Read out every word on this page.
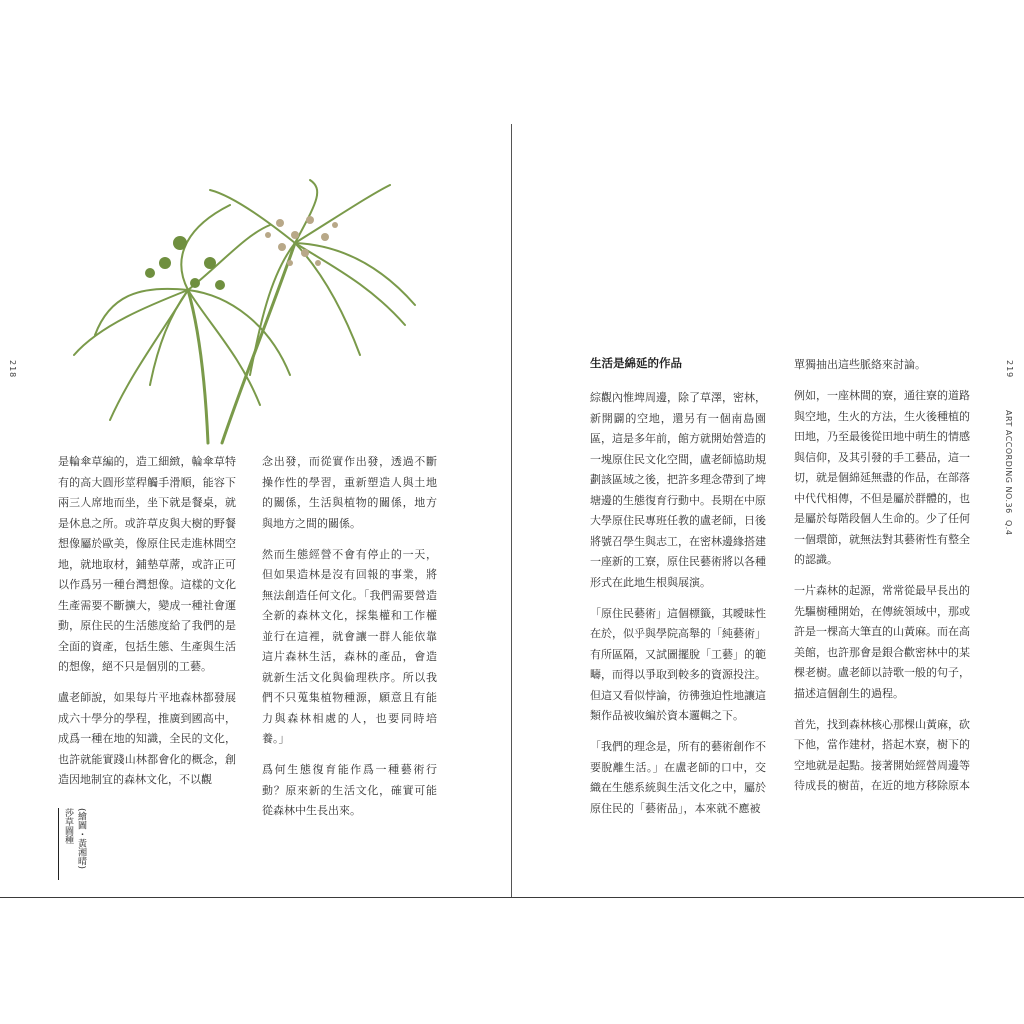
218

是輪傘草編的，造工細緻，輪傘草特有的高大圓形莖稈觸手滑順，能容下兩三人席地而坐，坐下就是餐桌，就是休息之所。或許草皮與大樹的野餐想像屬於歐美，像原住民走進林間空地，就地取材，鋪墊草蓆，或許正可以作爲另一種台灣想像。這樣的文化生產需要不斷擴大，變成一種社會運動，原住民的生活態度給了我們的是全面的資產，包括生態、生產與生活的想像，絕不只是個別的工藝。

盧老師說，如果每片平地森林都發展成六十學分的學程，推廣到國高中，成爲一種在地的知識，全民的文化，也許就能實踐山林都會化的概念，創造因地制宜的森林文化，不以觀

念出發，而從實作出發，透過不斷操作性的學習，重新塑造人與土地的關係，生活與植物的關係，地方與地方之間的關係。

然而生態經營不會有停止的一天，但如果造林是沒有回報的事業，將無法創造任何文化。「我們需要營造全新的森林文化，採集權和工作權並行在這裡，就會讓一群人能依靠這片森林生活，森林的產品，會造就新生活文化與倫理秩序。所以我們不只蒐集植物種源，願意且有能力與森林相處的人，也要同時培養。」

爲何生態復育能作爲一種藝術行動？原來新的生活文化，確實可能從森林中生長出來。

莎草圖種 (繪圖・黃湘晴)
219
ART ACCORDING NO.36
Q.4
生活是綿延的作品

綜觀內惟埤周邊，除了草澤，密林，新開闢的空地，還另有一個南島園區，這是多年前，館方就開始營造的一塊原住民文化空間，盧老師協助規劃該區域之後，把許多理念帶到了埤塘邊的生態復育行動中。長期在中原大學原住民專班任教的盧老師，日後將號召學生與志工，在密林邊緣搭建一座新的工寮，原住民藝術將以各種形式在此地生根與展演。

「原住民藝術」這個標籤，其曖昧性在於，似乎與學院高舉的「純藝術」有所區隔，又試圖擺脫「工藝」的範疇，而得以爭取到較多的資源投注。但這又看似悖論，彷彿強迫性地讓這類作品被收編於資本邏輯之下。

「我們的理念是，所有的藝術創作不要脫離生活。」在盧老師的口中，交織在生態系統與生活文化之中，屬於原住民的「藝術品」，本來就不應被

單獨抽出這些脈絡來討論。

例如，一座林間的寮，通往寮的道路與空地，生火的方法，生火後種植的田地，乃至最後從田地中萌生的情感與信仰，及其引發的手工藝品，這一切，就是個綿延無盡的作品，在部落中代代相傳，不但是屬於群體的，也是屬於每階段個人生命的。少了任何一個環節，就無法對其藝術性有整全的認識。

一片森林的起源，常常從最早長出的先驅樹種開始，在傳統領域中，那或許是一棵高大筆直的山黃麻。而在高美館，也許那會是銀合歡密林中的某棵老樹。盧老師以詩歌一般的句子，描述這個創生的過程。

首先，找到森林核心那棵山黃麻，砍下他，當作建材，搭起木寮，樹下的空地就是起點。接著開始經營周邊等待成長的樹苗，在近的地方移除原本
